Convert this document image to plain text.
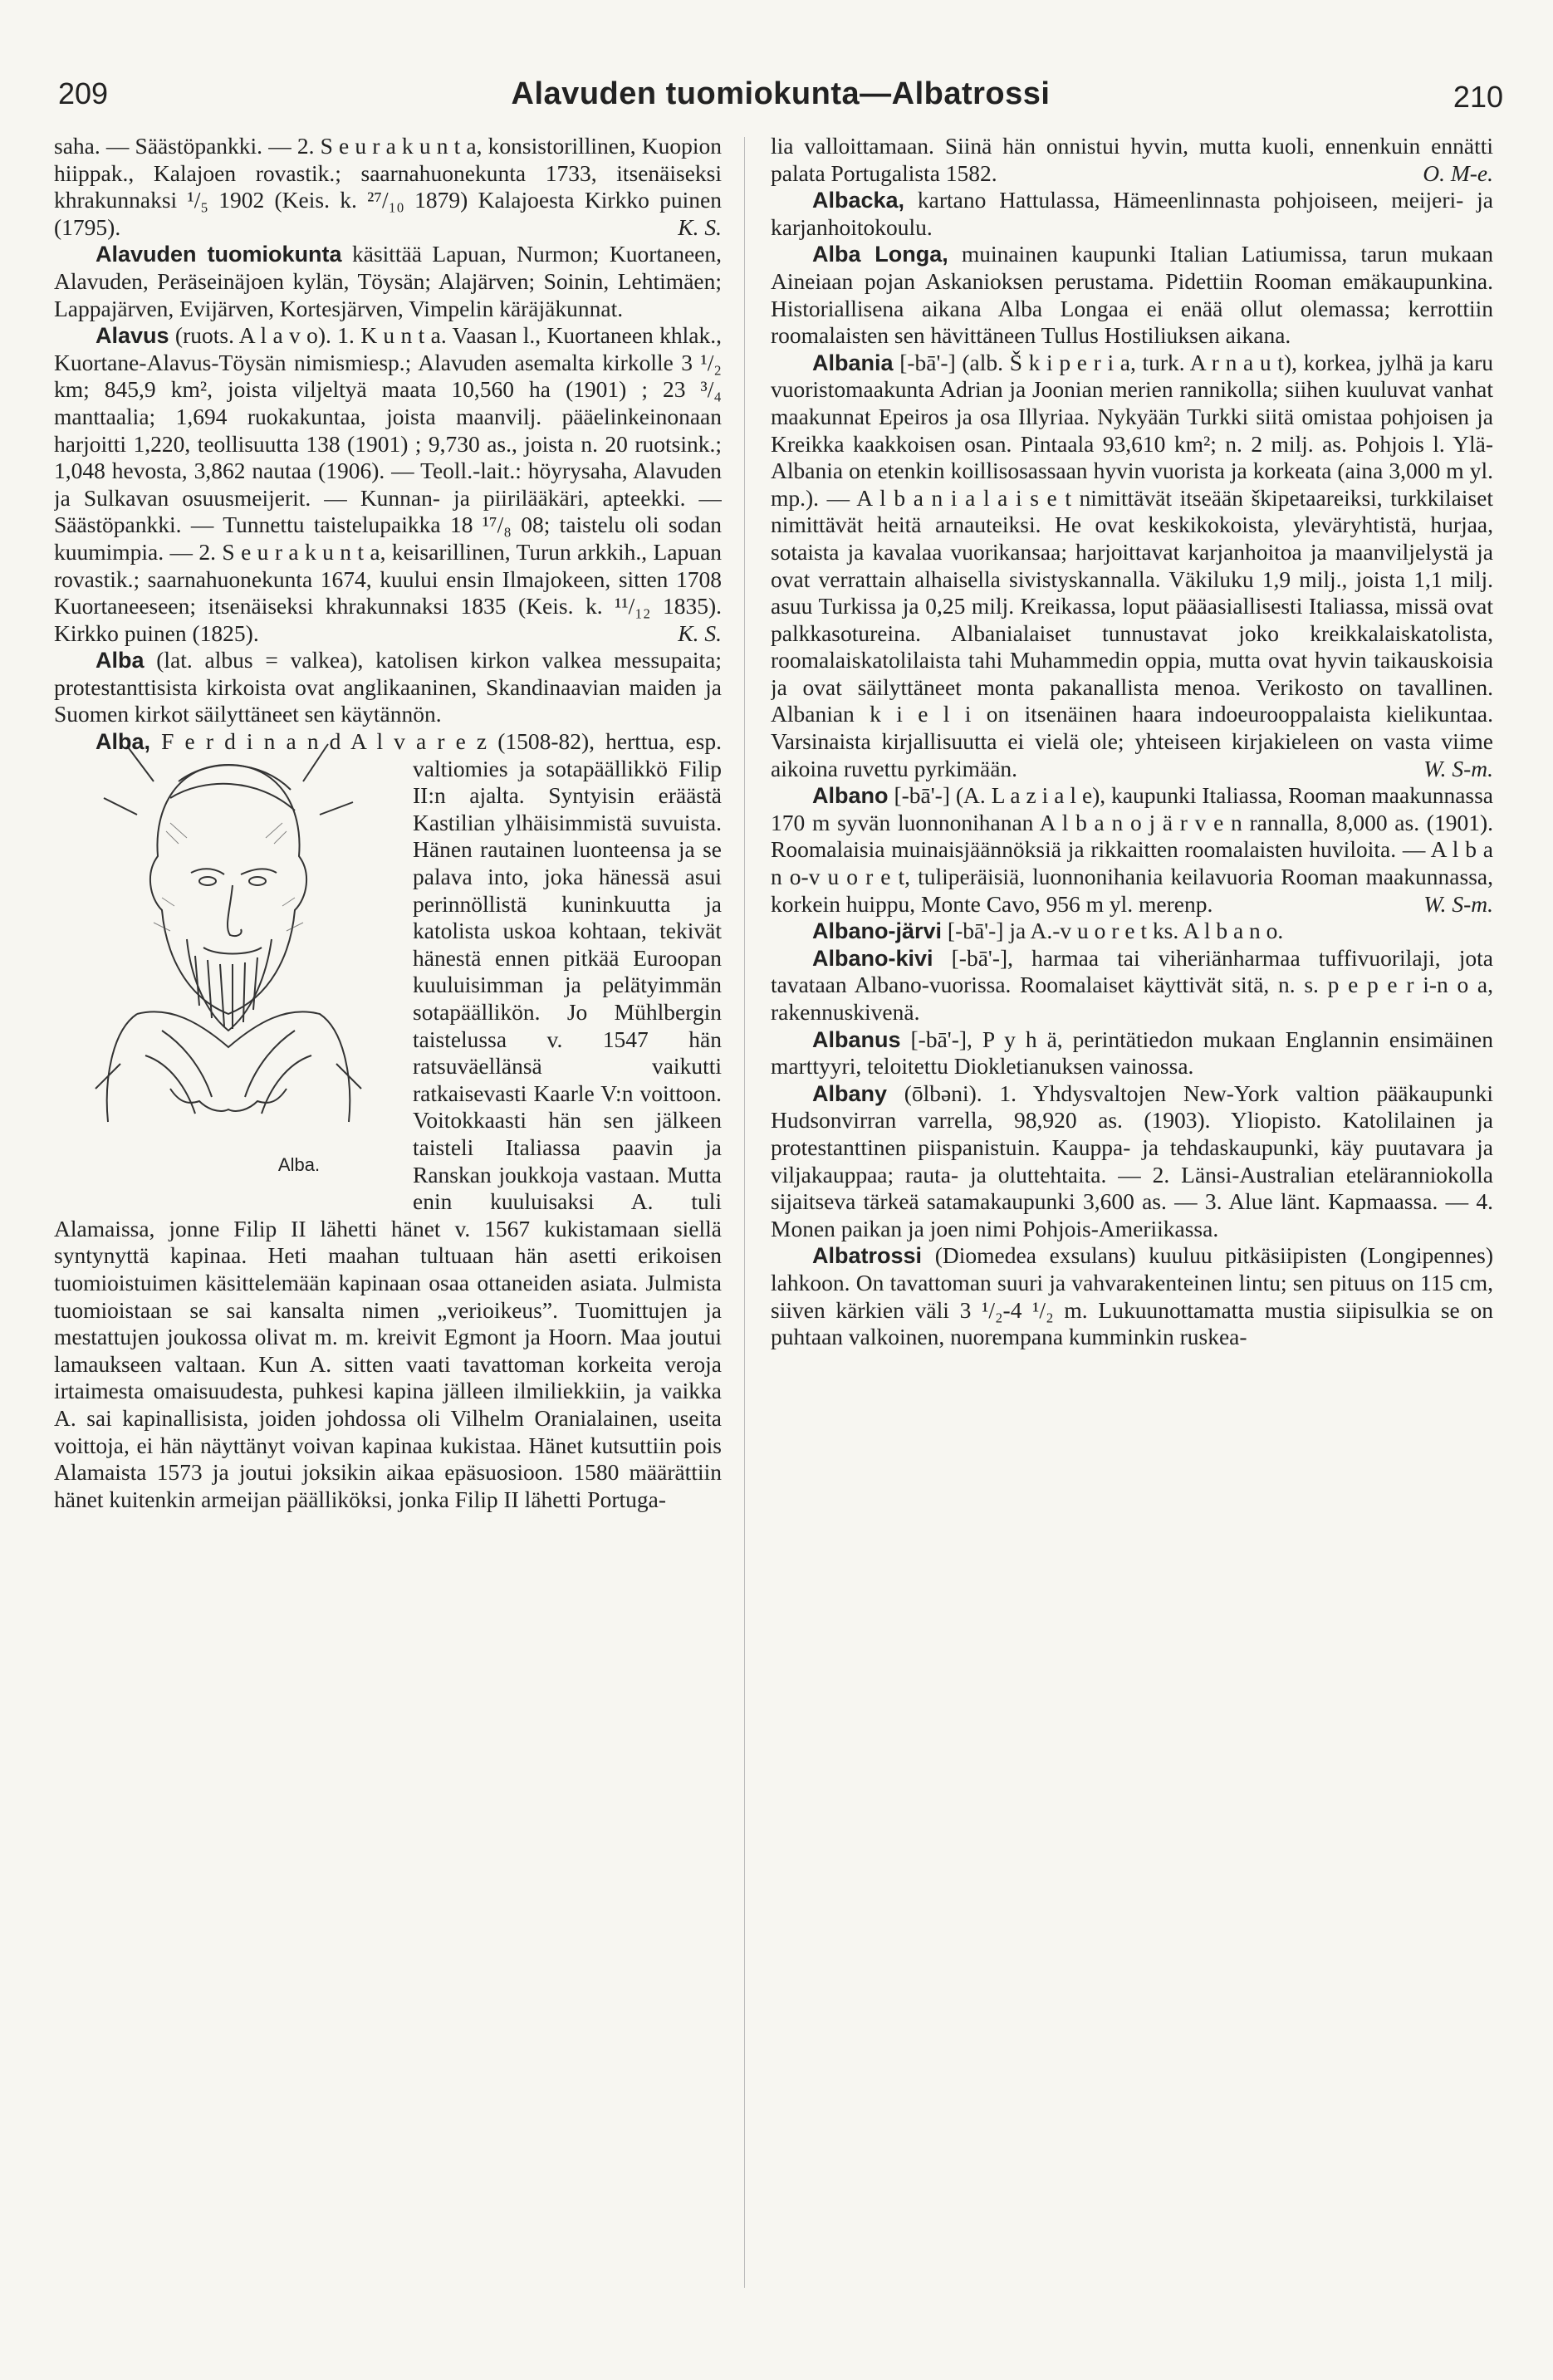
209	Alavuden tuomiokunta—Albatrossi	210

saha. — Säästöpankki. — 2. S e u r a k u n t a, konsistorillinen, Kuopion hiippak., Kalajoen rovastik.; saarnahuonekunta 1733, itsenäiseksi khrakunnaksi ¹/₅ 1902 (Keis. k. ²⁷/₁₀ 1879) Kalajoesta Kirkko puinen (1795).	K. S.

Alavuden tuomiokunta käsittää Lapuan, Nurmon; Kuortaneen, Alavuden, Peräseinäjoen kylän, Töysän; Alajärven; Soinin, Lehtimäen; Lappajärven, Evijärven, Kortesjärven, Vimpelin käräjäkunnat.

Alavus (ruots. A l a v o). 1. K u n t a. Vaasan l., Kuortaneen khlak., Kuortane-Alavus-Töysän nimismiesp.; Alavuden asemalta kirkolle 3 ¹/₂ km; 845,9 km², joista viljeltyä maata 10,560 ha (1901) ; 23 ³/₄ manttaalia; 1,694 ruokakuntaa, joista maanvilj. pääelinkeinonaan harjoitti 1,220, teollisuutta 138 (1901) ; 9,730 as., joista n. 20 ruotsink.; 1,048 hevosta, 3,862 nautaa (1906). — Teoll.-lait.: höyrysaha, Alavuden ja Sulkavan osuusmeijerit. — Kunnan- ja piirilääkäri, apteekki. — Säästöpankki. — Tunnettu taistelupaikka 18 ¹⁷/₈ 08; taistelu oli sodan kuumimpia. — 2. S e u r a k u n t a, keisarillinen, Turun arkkih., Lapuan rovastik.; saarnahuonekunta 1674, kuului ensin Ilmajokeen, sitten 1708 Kuortaneeseen; itsenäiseksi khrakunnaksi 1835 (Keis. k. ¹¹/₁₂ 1835). Kirkko puinen (1825).	K. S.

Alba (lat. albus = valkea), katolisen kirkon valkea messupaita; protestanttisista kirkoista ovat anglikaaninen, Skandinaavian maiden ja Suomen kirkot säilyttäneet sen käytännön.

Alba,
Alba.
F e r d i n a n d A l v a r e z (1508-82), herttua, esp. valtiomies ja sotapäällikkö Filip II:n ajalta. Syntyisin eräästä Kastilian ylhäisimmistä suvuista. Hänen rautainen luonteensa ja se palava into, joka hänessä asui perinnöllistä kuninkuutta ja katolista uskoa kohtaan, tekivät hänestä ennen pitkää Euroopan kuuluisimman ja pelätyimmän sotapäällikön. Jo Mühlbergin taistelussa v. 1547 hän ratsuväellänsä vaikutti ratkaisevasti Kaarle V:n voittoon. Voitokkaasti hän sen jälkeen taisteli Italiassa paavin ja Ranskan joukkoja vastaan. Mutta enin kuuluisaksi A. tuli Alamaissa, jonne Filip II lähetti hänet v. 1567 kukistamaan siellä syntynyttä kapinaa. Heti maahan tultuaan hän asetti erikoisen tuomioistuimen käsittelemään kapinaan osaa ottaneiden asiata. Julmista tuomioistaan se sai kansalta nimen „verioikeus”. Tuomittujen ja mestattujen joukossa olivat m. m. kreivit Egmont ja Hoorn. Maa joutui lamaukseen valtaan. Kun A. sitten vaati tavattoman korkeita veroja irtaimesta omaisuudesta, puhkesi kapina jälleen ilmiliekkiin, ja vaikka A. sai kapinallisista, joiden johdossa oli Vilhelm Oranialainen, useita voittoja, ei hän näyttänyt voivan kapinaa kukistaa. Hänet kutsuttiin pois Alamaista 1573 ja joutui joksikin aikaa epäsuosioon. 1580 määrättiin hänet kuitenkin armeijan päälliköksi, jonka Filip II lähetti Portuga-

lia valloittamaan. Siinä hän onnistui hyvin, mutta kuoli, ennenkuin ennätti palata Portugalista 1582.	O. M-e.

Albacka, kartano Hattulassa, Hämeenlinnasta pohjoiseen, meijeri- ja karjanhoitokoulu.

Alba Longa, muinainen kaupunki Italian Latiumissa, tarun mukaan Aineiaan pojan Askanioksen perustama. Pidettiin Rooman emäkaupunkina. Historiallisena aikana Alba Longaa ei enää ollut olemassa; kerrottiin roomalaisten sen hävittäneen Tullus Hostiliuksen aikana.

Albania [-bā'-] (alb. Š k i p e r i a, turk. A r n a u t), korkea, jylhä ja karu vuoristomaakunta Adrian ja Joonian merien rannikolla; siihen kuuluvat vanhat maakunnat Epeiros ja osa Illyriaa. Nykyään Turkki siitä omistaa pohjoisen ja Kreikka kaakkoisen osan. Pintaala 93,610 km²; n. 2 milj. as. Pohjois l. Ylä-Albania on etenkin koillisosassaan hyvin vuorista ja korkeata (aina 3,000 m yl. mp.). — A l b a n i a l a i s e t nimittävät itseään škipetaareiksi, turkkilaiset nimittävät heitä arnauteiksi. He ovat keskikokoista, yleväryhtistä, hurjaa, sotaista ja kavalaa vuorikansaa; harjoittavat karjanhoitoa ja maanviljelystä ja ovat verrattain alhaisella sivistyskannalla. Väkiluku 1,9 milj., joista 1,1 milj. asuu Turkissa ja 0,25 milj. Kreikassa, loput pääasiallisesti Italiassa, missä ovat palkkasotureina. Albanialaiset tunnustavat joko kreikkalaiskatolista, roomalaiskatolilaista tahi Muhammedin oppia, mutta ovat hyvin taikauskoisia ja ovat säilyttäneet monta pakanallista menoa. Verikosto on tavallinen. Albanian k i e l i on itsenäinen haara indoeurooppalaista kielikuntaa. Varsinaista kirjallisuutta ei vielä ole; yhteiseen kirjakieleen on vasta viime aikoina ruvettu pyrkimään.	W. S-m.

Albano [-bā'-] (A. L a z i a l e), kaupunki Italiassa, Rooman maakunnassa 170 m syvän luonnonihanan A l b a n o j ä r v e n rannalla, 8,000 as. (1901). Roomalaisia muinaisjäännöksiä ja rikkaitten roomalaisten huviloita. — A l b a n o-v u o r e t, tuliperäisiä, luonnonihania keilavuoria Rooman maakunnassa, korkein huippu, Monte Cavo, 956 m yl. merenp.	W. S-m.

Albano-järvi [-bā'-] ja A.-v u o r e t ks. A l b a n o.

Albano-kivi [-bā'-], harmaa tai viheriänharmaa tuffivuorilaji, jota tavataan Albano-vuorissa. Roomalaiset käyttivät sitä, n. s. p e p e r i-n o a, rakennuskivenä.

Albanus [-bā'-], P y h ä, perintätiedon mukaan Englannin ensimäinen marttyyri, teloitettu Diokletianuksen vainossa.

Albany (ōlbəni). 1. Yhdysvaltojen New-York valtion pääkaupunki Hudsonvirran varrella, 98,920 as. (1903). Yliopisto. Katolilainen ja protestanttinen piispanistuin. Kauppa- ja tehdaskaupunki, käy puutavara ja viljakauppaa; rauta- ja oluttehtaita. — 2. Länsi-Australian eteläranniokolla sijaitseva tärkeä satamakaupunki 3,600 as. — 3. Alue länt. Kapmaassa. — 4. Monen paikan ja joen nimi Pohjois-Ameriikassa.

Albatrossi (Diomedea exsulans) kuuluu pitkäsiipisten (Longipennes) lahkoon. On tavattoman suuri ja vahvarakenteinen lintu; sen pituus on 115 cm, siiven kärkien väli 3 ¹/₂-4 ¹/₂ m. Lukuunottamatta mustia siipisulkia se on puhtaan valkoinen, nuorempana kumminkin ruskea-
